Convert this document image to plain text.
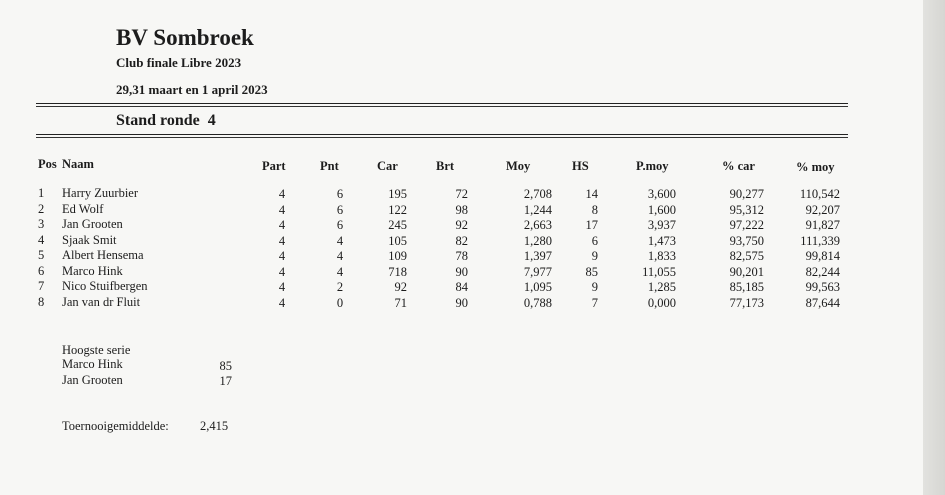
BV Sombroek
Club finale Libre 2023
29,31 maart en 1 april 2023
Stand ronde  4
Pos Naam	Part	Pnt	Car	Brt	Moy	HS	P.moy	% car	% moy
1	Harry Zuurbier	4	6	195	72	2,708	14	3,600	90,277	110,542
2	Ed Wolf	4	6	122	98	1,244	8	1,600	95,312	92,207
3	Jan Grooten	4	6	245	92	2,663	17	3,937	97,222	91,827
4	Sjaak Smit	4	4	105	82	1,280	6	1,473	93,750	111,339
5	Albert Hensema	4	4	109	78	1,397	9	1,833	82,575	99,814
6	Marco Hink	4	4	718	90	7,977	85	11,055	90,201	82,244
7	Nico Stuifbergen	4	2	92	84	1,095	9	1,285	85,185	99,563
8	Jan van dr Fluit	4	0	71	90	0,788	7	0,000	77,173	87,644
Hoogste serie
Marco Hink	85
Jan Grooten	17
Toernooigemiddelde:	2,415
